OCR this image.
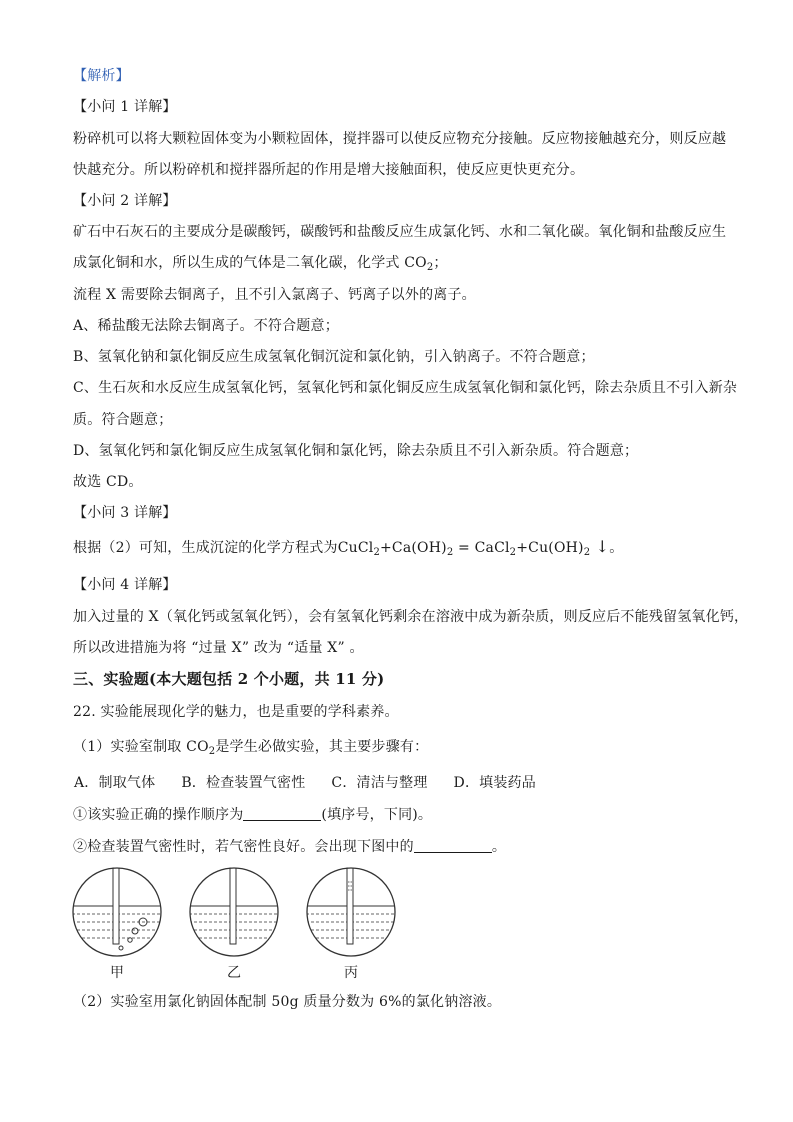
【解析】
【小问 1 详解】
粉碎机可以将大颗粒固体变为小颗粒固体，搅拌器可以使反应物充分接触。反应物接触越充分，则反应越
快越充分。所以粉碎机和搅拌器所起的作用是增大接触面积，使反应更快更充分。
【小问 2 详解】
矿石中石灰石的主要成分是碳酸钙，碳酸钙和盐酸反应生成氯化钙、水和二氧化碳。氧化铜和盐酸反应生
成氯化铜和水，所以生成的气体是二氧化碳，化学式 $CO_2$；
流程 X 需要除去铜离子，且不引入氯离子、钙离子以外的离子。
A、稀盐酸无法除去铜离子。不符合题意；
B、氢氧化钠和氯化铜反应生成氢氧化铜沉淀和氯化钠，引入钠离子。不符合题意；
C、生石灰和水反应生成氢氧化钙，氢氧化钙和氯化铜反应生成氢氧化铜和氯化钙，除去杂质且不引入新杂
质。符合题意；
D、氢氧化钙和氯化铜反应生成氢氧化铜和氯化钙，除去杂质且不引入新杂质。符合题意；
故选 CD。
【小问 3 详解】
根据（2）可知，生成沉淀的化学方程式为$CuCl_2+Ca(OH)_2$ = $CaCl_2+Cu(OH)_2$ ↓。
【小问 4 详解】
加入过量的 X（氧化钙或氢氧化钙），会有氢氧化钙剩余在溶液中成为新杂质，则反应后不能残留氢氧化钙，
所以改进措施为将 “过量 X” 改为 “适量 X” 。
三、实验题(本大题包括 2 个小题，共 11 分)
22. 实验能展现化学的魅力，也是重要的学科素养。
（1）实验室制取 $CO_2$是学生必做实验，其主要步骤有：
A．制取气体 B．检查装置气密性 C．清洁与整理 D．填装药品
①该实验正确的操作顺序为	(填序号，下同)。
②检查装置气密性时，若气密性良好。会出现下图中的	。
甲	乙	丙
（2）实验室用氯化钠固体配制 50g 质量分数为 6%的氯化钠溶液。
